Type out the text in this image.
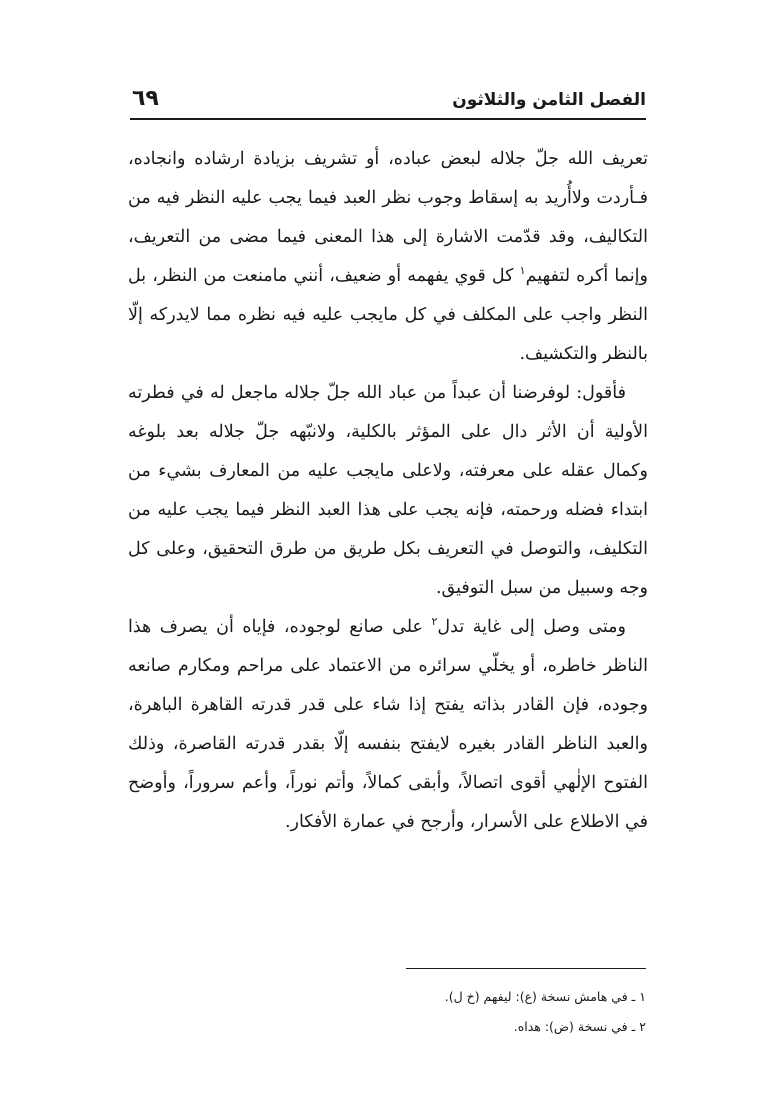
الفصل الثامن والثلاثون
٦٩

تعريف الله جلّ جلاله لبعض عباده، أو تشريف بزيادة ارشاده وانجاده، فـأردت ولاأُريد به إسقاط وجوب نظر العبد فيما يجب عليه النظر فيه من التكاليف، وقد قدّمت الاشارة إلى هذا المعنى فيما مضى من التعريف، وإنما أكره لتفهيم$^١$ كل قوي يفهمه أو ضعيف، أنني مامنعت من النظر، بل النظر واجب على المكلف في كل مايجب عليه فيه نظره مما لايدركه إلّا بالنظر والتكشيف.

فأقول: لوفرضنا أن عبداً من عباد الله جلّ جلاله ماجعل له في فطرته الأولية أن الأثر دال على المؤثر بالكلية، ولانبّهه جلّ جلاله بعد بلوغه وكمال عقله على معرفته، ولاعلى مايجب عليه من المعارف بشيء من ابتداء فضله ورحمته، فإنه يجب على هذا العبد النظر فيما يجب عليه من التكليف، والتوصل في التعريف بكل طريق من طرق التحقيق، وعلى كل وجه وسبيل من سبل التوفيق.

ومتى وصل إلى غاية تدل$^٢$ على صانع لوجوده، فإياه أن يصرف هذا الناظر خاطره، أو يخلّي سرائره من الاعتماد على مراحم ومكارم صانعه وجوده، فإن القادر بذاته يفتح إذا شاء على قدر قدرته القاهرة الباهرة، والعبد الناظر القادر بغيره لايفتح بنفسه إلّا بقدر قدرته القاصرة، وذلك الفتوح الإلٰهي أقوى اتصالاً، وأبقى كمالاً، وأتم نوراً، وأعم سروراً، وأوضح في الاطلاع على الأسرار، وأرجح في عمارة الأفكار.

١ ـ في هامش نسخة (ع): ليفهم (خ ل).
٢ ـ في نسخة (ض): هداه.
